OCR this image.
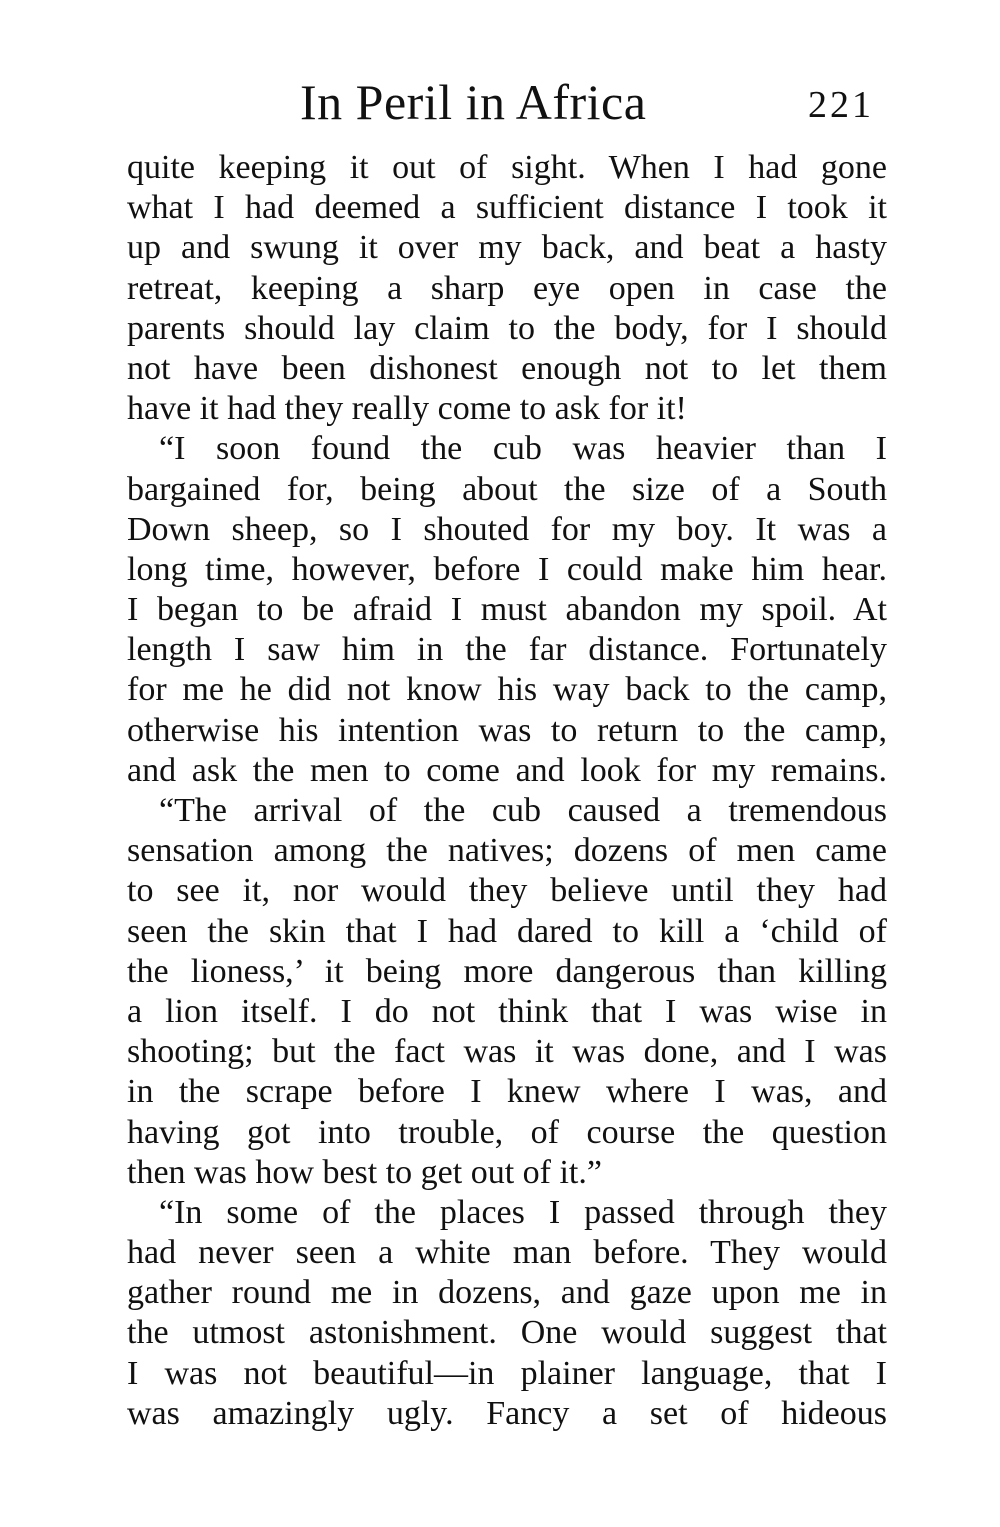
In Peril in Africa	221
quite keeping it out of sight. When I had gone
what I had deemed a sufficient distance I took it
up and swung it over my back, and beat a hasty
retreat, keeping a sharp eye open in case the
parents should lay claim to the body, for I should
not have been dishonest enough not to let them
have it had they really come to ask for it!
“I soon found the cub was heavier than I
bargained for, being about the size of a South
Down sheep, so I shouted for my boy. It was a
long time, however, before I could make him hear.
I began to be afraid I must abandon my spoil. At
length I saw him in the far distance. Fortunately
for me he did not know his way back to the camp,
otherwise his intention was to return to the camp,
and ask the men to come and look for my remains.
“The arrival of the cub caused a tremendous
sensation among the natives; dozens of men came
to see it, nor would they believe until they had
seen the skin that I had dared to kill a ‘child of
the lioness,’ it being more dangerous than killing
a lion itself. I do not think that I was wise in
shooting; but the fact was it was done, and I was
in the scrape before I knew where I was, and
having got into trouble, of course the question
then was how best to get out of it.”
“In some of the places I passed through they
had never seen a white man before. They would
gather round me in dozens, and gaze upon me in
the utmost astonishment. One would suggest that
I was not beautiful—in plainer language, that I
was amazingly ugly. Fancy a set of hideous
